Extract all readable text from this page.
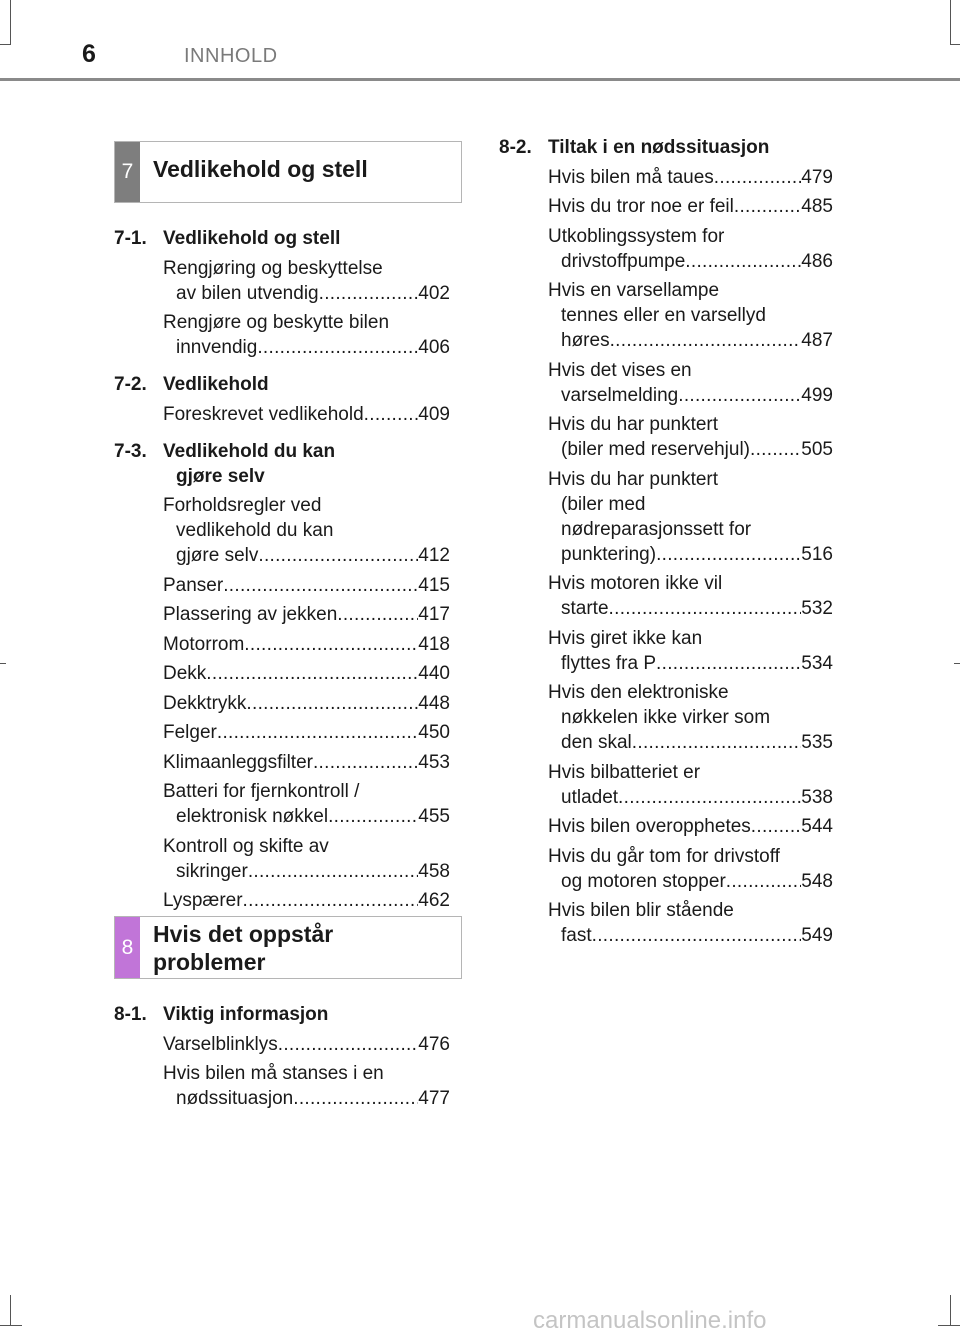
6	INNHOLD
7 Vedlikehold og stell
7-1. Vedlikehold og stell
Rengjøring og beskyttelse
av bilen utvendig .....	402
Rengjøre og beskytte bilen
innvendig .....	406
7-2. Vedlikehold
Foreskrevet vedlikehold .....	409
7-3. Vedlikehold du kan
gjøre selv
Forholdsregler ved
vedlikehold du kan
gjøre selv .....	412
Panser .....	415
Plassering av jekken .....	417
Motorrom .....	418
Dekk .....	440
Dekktrykk .....	448
Felger .....	450
Klimaanleggsfilter .....	453
Batteri for fjernkontroll /
elektronisk nøkkel .....	455
Kontroll og skifte av
sikringer .....	458
Lyspærer .....	462
8 Hvis det oppstår
problemer
8-1. Viktig informasjon
Varselblinklys .....	476
Hvis bilen må stanses i en
nødssituasjon .....	477
8-2. Tiltak i en nødssituasjon
Hvis bilen må taues .....	479
Hvis du tror noe er feil .....	485
Utkoblingssystem for
drivstoffpumpe .....	486
Hvis en varsellampe
tennes eller en varsellyd
høres .....	487
Hvis det vises en
varselmelding .....	499
Hvis du har punktert
(biler med reservehjul) .....	505
Hvis du har punktert
(biler med
nødreparasjonssett for
punktering) .....	516
Hvis motoren ikke vil
starte .....	532
Hvis giret ikke kan
flyttes fra P .....	534
Hvis den elektroniske
nøkkelen ikke virker som
den skal .....	535
Hvis bilbatteriet er
utladet .....	538
Hvis bilen overopphetes .....	544
Hvis du går tom for drivstoff
og motoren stopper .....	548
Hvis bilen blir stående
fast .....	549
carmanualsonline.info
